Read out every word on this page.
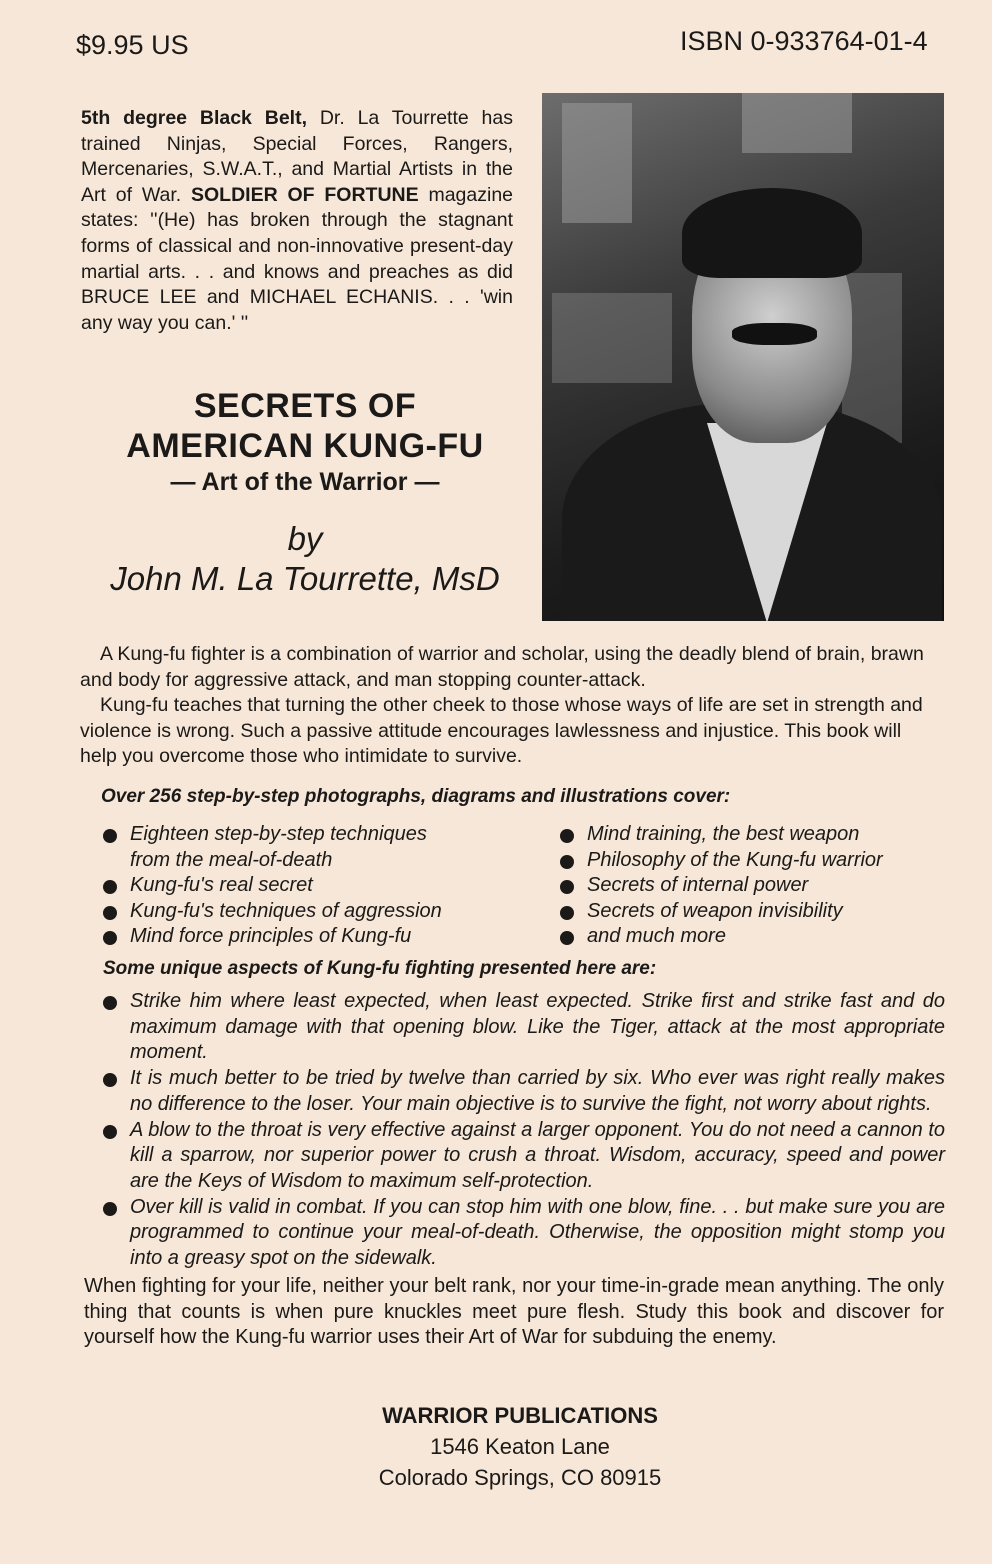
$9.95 US	ISBN 0-933764-01-4
5th degree Black Belt, Dr. La Tourrette has trained Ninjas, Special Forces, Rangers, Mercenaries, S.W.A.T., and Martial Artists in the Art of War. SOLDIER OF FORTUNE magazine states: ''(He) has broken through the stagnant forms of classical and non-innovative present-day martial arts. . . and knows and preaches as did BRUCE LEE and MICHAEL ECHANIS. . . 'win any way you can.' ''
SECRETS OF
AMERICAN KUNG-FU
— Art of the Warrior —
by
John M. La Tourrette, MsD

A Kung-fu fighter is a combination of warrior and scholar, using the deadly blend of brain, brawn and body for aggressive attack, and man stopping counter-attack.

Kung-fu teaches that turning the other cheek to those whose ways of life are set in strength and violence is wrong. Such a passive attitude encourages lawlessness and injustice. This book will help you overcome those who intimidate to survive.

Over 256 step-by-step photographs, diagrams and illustrations cover:
Eighteen step-by-step techniques from the meal-of-death
Kung-fu's real secret
Kung-fu's techniques of aggression
Mind force principles of Kung-fu
Mind training, the best weapon
Philosophy of the Kung-fu warrior
Secrets of internal power
Secrets of weapon invisibility
and much more
Some unique aspects of Kung-fu fighting presented here are:
Strike him where least expected, when least expected. Strike first and strike fast and do maximum damage with that opening blow. Like the Tiger, attack at the most appropriate moment.
It is much better to be tried by twelve than carried by six. Who ever was right really makes no difference to the loser. Your main objective is to survive the fight, not worry about rights.
A blow to the throat is very effective against a larger opponent. You do not need a cannon to kill a sparrow, nor superior power to crush a throat. Wisdom, accuracy, speed and power are the Keys of Wisdom to maximum self-protection.
Over kill is valid in combat. If you can stop him with one blow, fine. . . but make sure you are programmed to continue your meal-of-death. Otherwise, the opposition might stomp you into a greasy spot on the sidewalk.
When fighting for your life, neither your belt rank, nor your time-in-grade mean anything. The only thing that counts is when pure knuckles meet pure flesh. Study this book and discover for yourself how the Kung-fu warrior uses their Art of War for subduing the enemy.
WARRIOR PUBLICATIONS
1546 Keaton Lane
Colorado Springs, CO 80915
